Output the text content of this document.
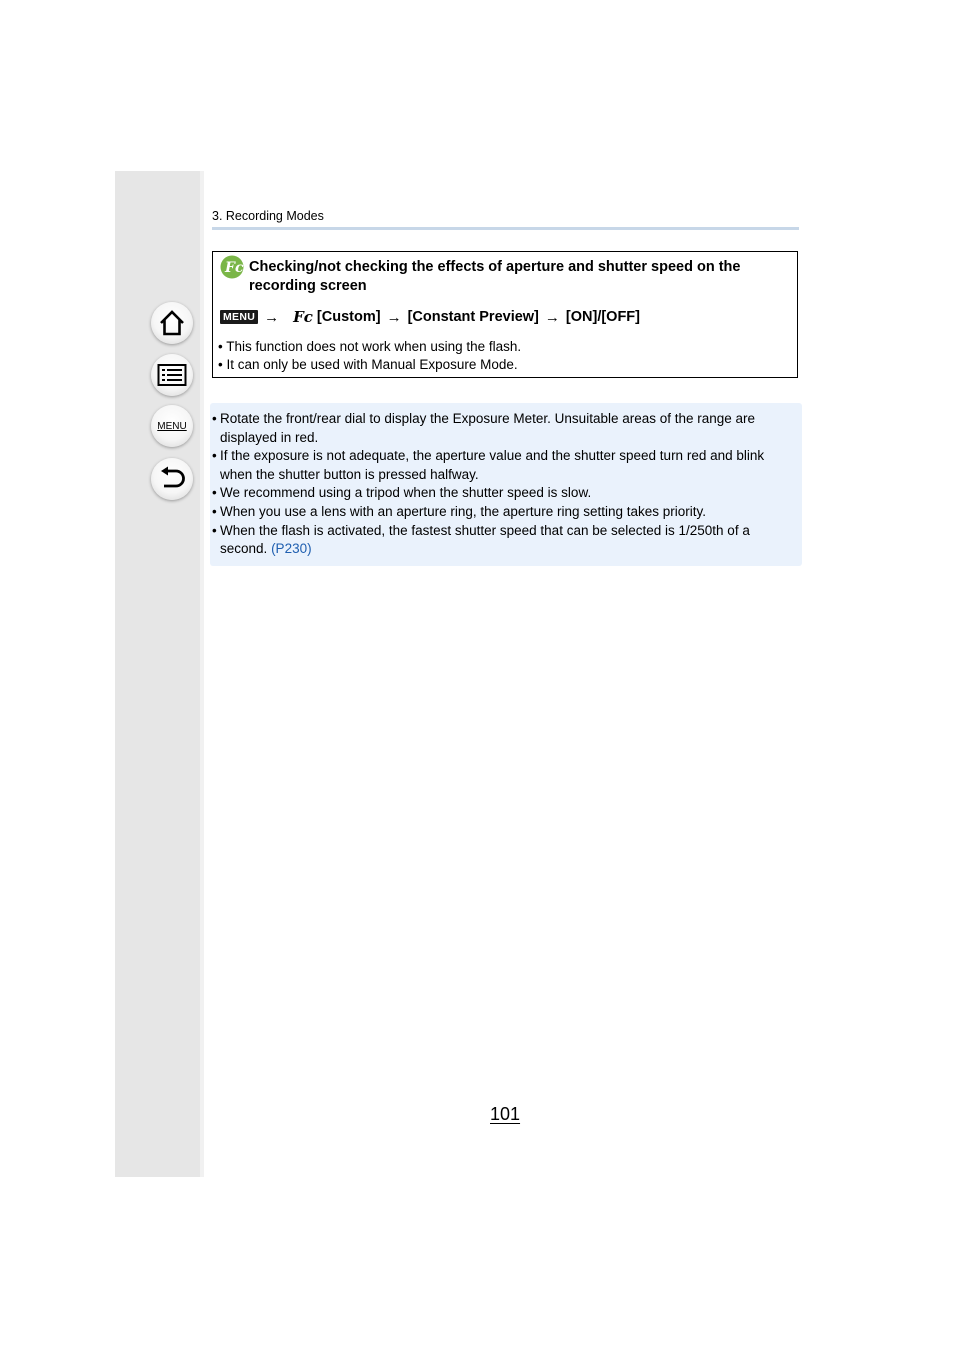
MENU
3. Recording Modes
Fc Checking/not checking the effects of aperture and shutter speed on the recording screen
MENU → Fc [Custom] → [Constant Preview] → [ON]/[OFF]
• This function does not work when using the flash.
• It can only be used with Manual Exposure Mode.
• Rotate the front/rear dial to display the Exposure Meter. Unsuitable areas of the range are displayed in red.
• If the exposure is not adequate, the aperture value and the shutter speed turn red and blink when the shutter button is pressed halfway.
• We recommend using a tripod when the shutter speed is slow.
• When you use a lens with an aperture ring, the aperture ring setting takes priority.
• When the flash is activated, the fastest shutter speed that can be selected is 1/250th of a second. (P230)
101
